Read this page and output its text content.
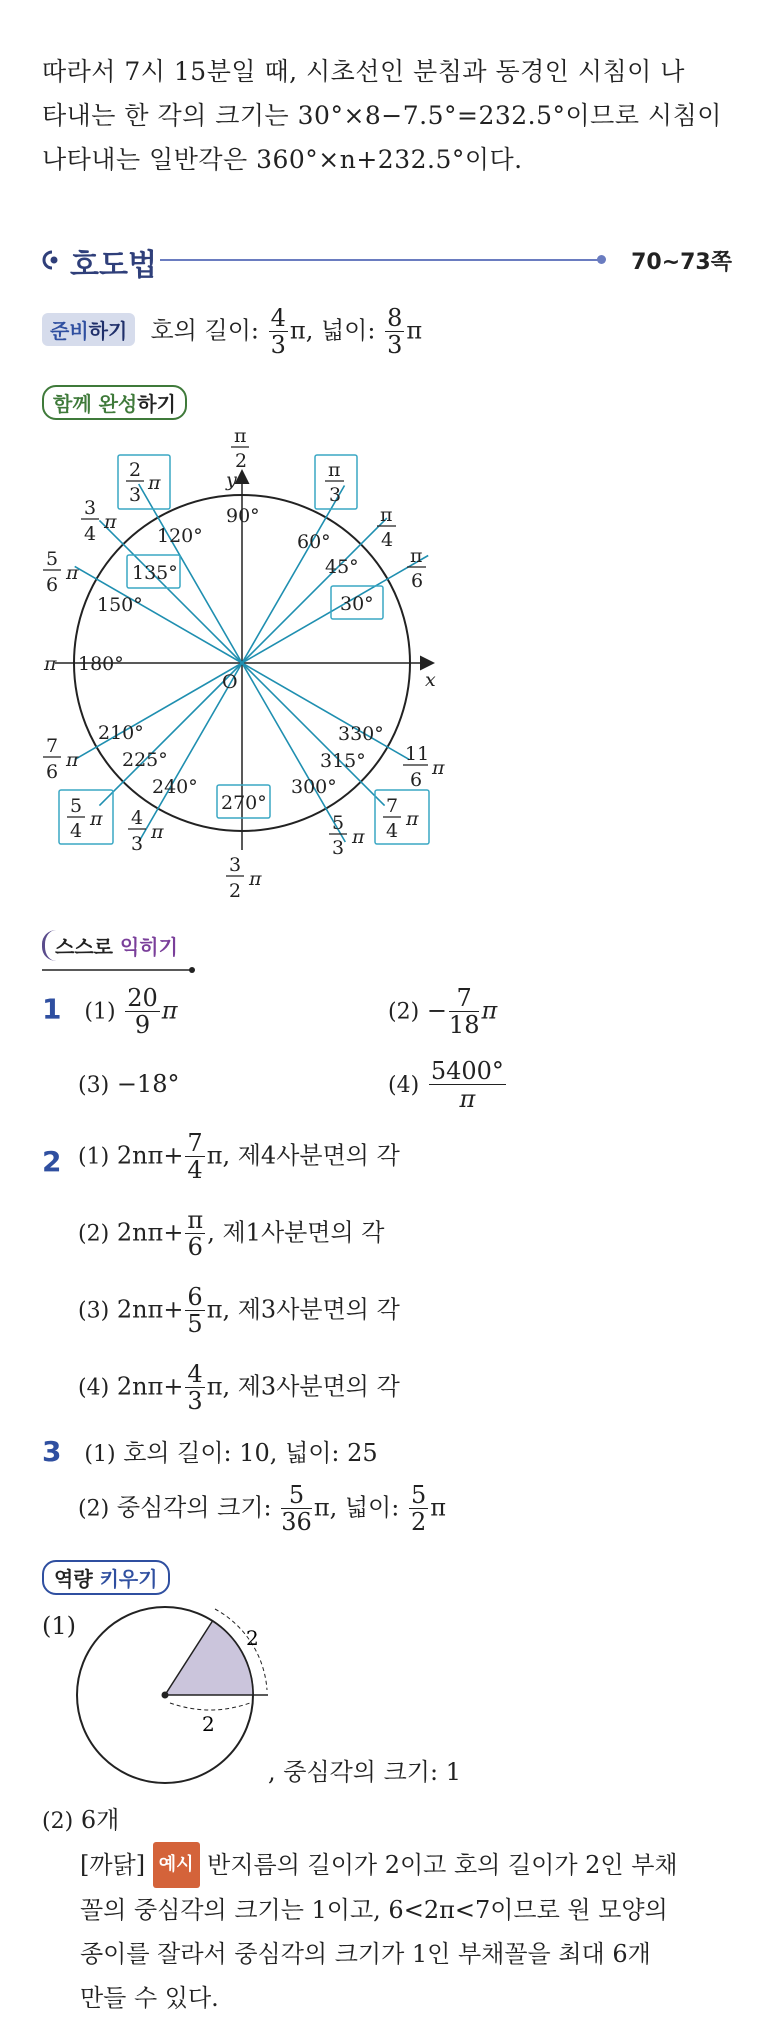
따라서 7시 15분일 때, 시초선인 분침과 동경인 시침이 나

타내는 한 각의 크기는 30°×8−7.5°=232.5°이므로 시침이

나타내는 일반각은 360°×n+232.5°이다.

호도법	70~73쪽
준비하기 호의 길이: $\frac{4}{3} \pi$, 넓이: $\frac{8}{3}$ π
함께 완성하기
x
y
O
90°
120°	60°
45°
135°
150°	30°
180°
210°
225°
240°
270°
300°
315°
330°
π
2
2
3
π
3
4
π
5
6
π
π
3
π
4
π
6
π
7
6
π
5
4
π 4
3
π
3
2
π
5
3 π
7
4
π
11
6
π
스스로 익히기
1 $(1) \frac{20}{9}$ π	$(2) - \frac{7}{18}$ π
(3) −18°	$(4) \frac{5400^\circ}{\pi}$
2 (1) $2n\pi+ \frac{7}{4} \pi$, 제4사분면의 각
(2) $2n\pi+ \frac{\pi}{6}$ , 제1사분면의 각
(3) $2n\pi+ \frac{6}{5} \pi$, 제3사분면의 각
(4) $2n\pi+ \frac{4}{3} \pi$, 제3사분면의 각
3 (1) 호의 길이: 10, 넓이: 25
(2) 중심각의 크기: $\frac{5}{36} \pi$, 넓이: $\frac{5}{2}$ π
역량 키우기
(1)
2
2
, 중심각의 크기: 1
(2) 6개

[까닭] 예시 반지름의 길이가 2이고 호의 길이가 2인 부채

꼴의 중심각의 크기는 1이고, 6<2π<7이므로 원 모양의

종이를 잘라서 중심각의 크기가 1인 부채꼴을 최대 6개

만들 수 있다.
